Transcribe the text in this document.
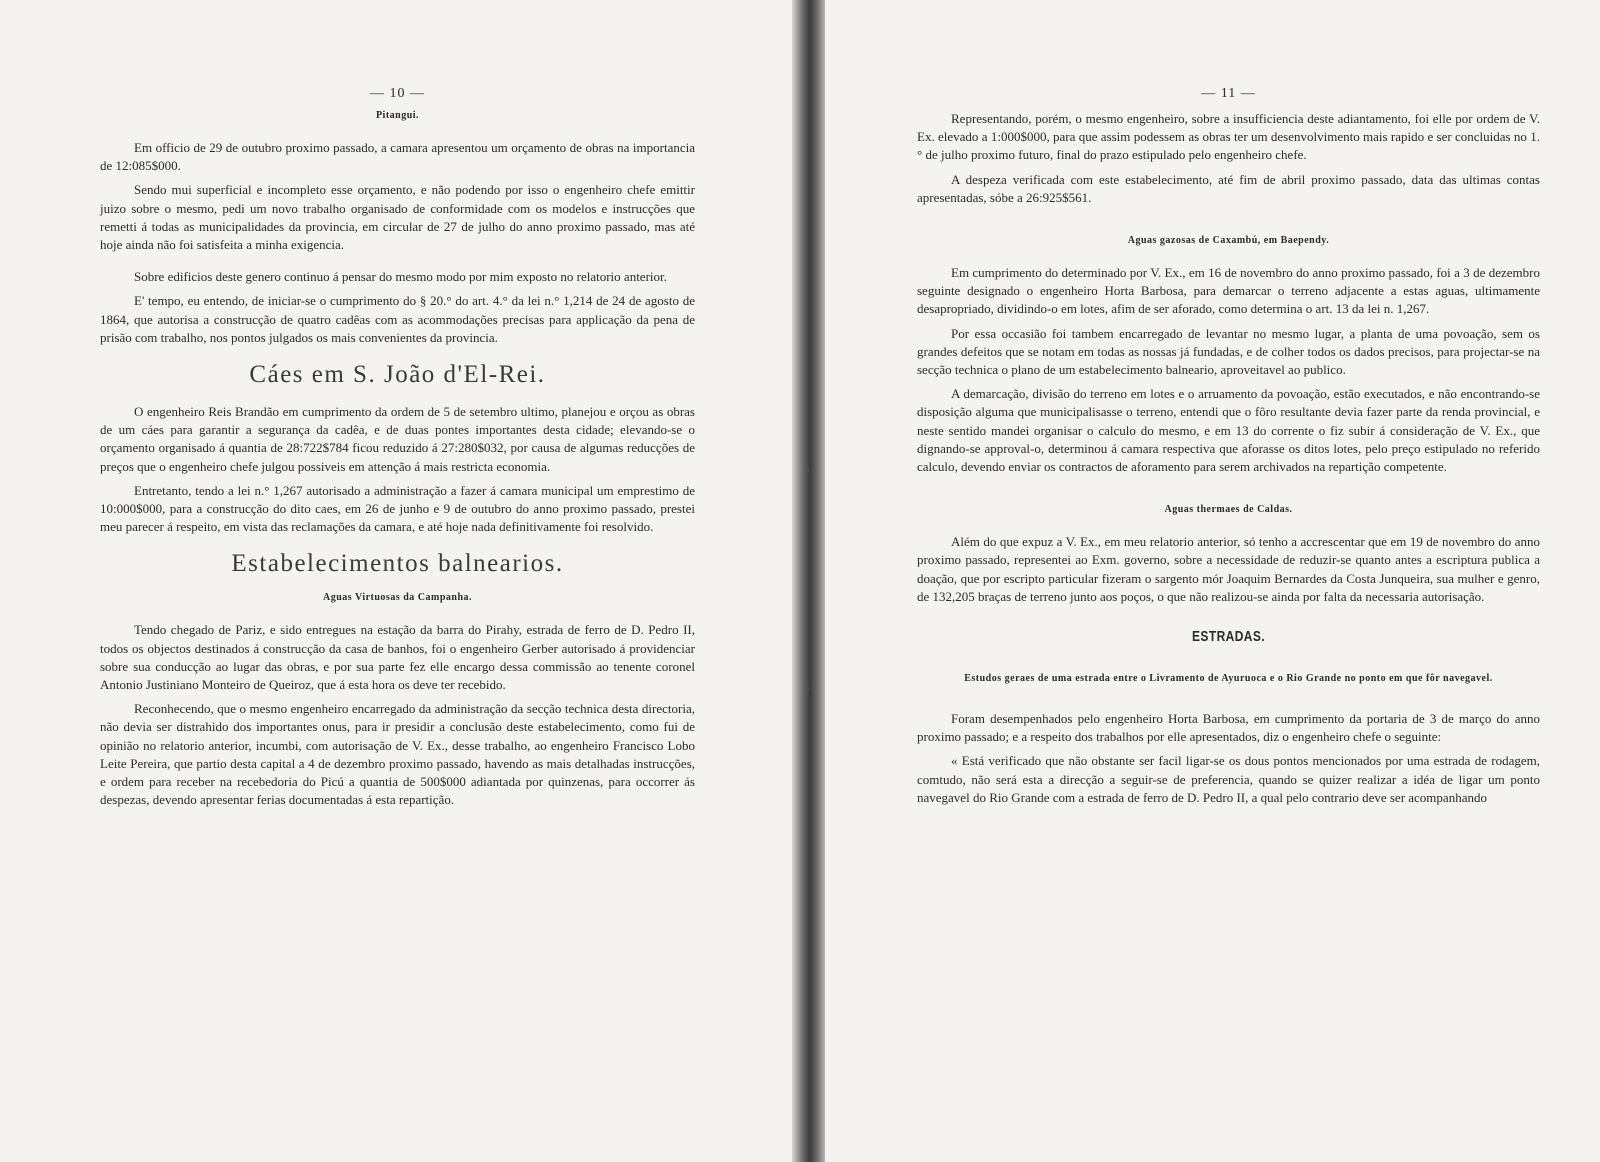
— 10 —
Pitangui.

Em officio de 29 de outubro proximo passado, a camara apresentou um orçamento de obras na importancia de 12:085$000.

Sendo mui superficial e incompleto esse orçamento, e não podendo por isso o engenheiro chefe emittir juizo sobre o mesmo, pedi um novo trabalho organisado de conformidade com os modelos e instrucções que remetti á todas as municipalidades da provincia, em circular de 27 de julho do anno proximo passado, mas até hoje ainda não foi satisfeita a minha exigencia.

Sobre edificios deste genero continuo á pensar do mesmo modo por mim exposto no relatorio anterior.

E' tempo, eu entendo, de iniciar-se o cumprimento do § 20.° do art. 4.° da lei n.° 1,214 de 24 de agosto de 1864, que autorisa a construcção de quatro cadêas com as acommodações precisas para applicação da pena de prisão com trabalho, nos pontos julgados os mais convenientes da provincia.

Cáes em S. João d'El-Rei.

O engenheiro Reis Brandão em cumprimento da ordem de 5 de setembro ultimo, planejou e orçou as obras de um cáes para garantir a segurança da cadêa, e de duas pontes importantes desta cidade; elevando-se o orçamento organisado á quantia de 28:722$784 ficou reduzido á 27:280$032, por causa de algumas reducções de preços que o engenheiro chefe julgou possiveis em attenção á mais restricta economia.

Entretanto, tendo a lei n.° 1,267 autorisado a administração a fazer á camara municipal um emprestimo de 10:000$000, para a construcção do dito caes, em 26 de junho e 9 de outubro do anno proximo passado, prestei meu parecer á respeito, em vista das reclamações da camara, e até hoje nada definitivamente foi resolvido.

Estabelecimentos balnearios.
Aguas Virtuosas da Campanha.

Tendo chegado de Pariz, e sido entregues na estação da barra do Pirahy, estrada de ferro de D. Pedro II, todos os objectos destinados á construcção da casa de banhos, foi o engenheiro Gerber autorisado á providenciar sobre sua conducção ao lugar das obras, e por sua parte fez elle encargo dessa commissão ao tenente coronel Antonio Justiniano Monteiro de Queiroz, que á esta hora os deve ter recebido.

Reconhecendo, que o mesmo engenheiro encarregado da administração da secção technica desta directoria, não devia ser distrahido dos importantes onus, para ir presidir a conclusão deste estabelecimento, como fui de opinião no relatorio anterior, incumbi, com autorisação de V. Ex., desse trabalho, ao engenheiro Francisco Lobo Leite Pereira, que partio desta capital a 4 de dezembro proximo passado, havendo as mais detalhadas instrucções, e ordem para receber na recebedoria do Picú a quantia de 500$000 adiantada por quinzenas, para occorrer ás despezas, devendo apresentar ferias documentadas á esta repartição.

›
›
— 11 —

Representando, porém, o mesmo engenheiro, sobre a insufficiencia deste adiantamento, foi elle por ordem de V. Ex. elevado a 1:000$000, para que assim podessem as obras ter um desenvolvimento mais rapido e ser concluidas no 1.° de julho proximo futuro, final do prazo estipulado pelo engenheiro chefe.

A despeza verificada com este estabelecimento, até fim de abril proximo passado, data das ultimas contas apresentadas, sóbe a 26:925$561.

Aguas gazosas de Caxambú, em Baependy.

Em cumprimento do determinado por V. Ex., em 16 de novembro do anno proximo passado, foi a 3 de dezembro seguinte designado o engenheiro Horta Barbosa, para demarcar o terreno adjacente a estas aguas, ultimamente desapropriado, dividindo-o em lotes, afim de ser aforado, como determina o art. 13 da lei n. 1,267.

Por essa occasião foi tambem encarregado de levantar no mesmo lugar, a planta de uma povoação, sem os grandes defeitos que se notam em todas as nossas já fundadas, e de colher todos os dados precisos, para projectar-se na secção technica o plano de um estabelecimento balneario, aproveitavel ao publico.

A demarcação, divisão do terreno em lotes e o arruamento da povoação, estão executados, e não encontrando-se disposição alguma que municipalisasse o terreno, entendi que o fôro resultante devia fazer parte da renda provincial, e neste sentido mandei organisar o calculo do mesmo, e em 13 do corrente o fiz subir á consideração de V. Ex., que dignando-se approval-o, determinou á camara respectiva que aforasse os ditos lotes, pelo preço estipulado no referido calculo, devendo enviar os contractos de aforamento para serem archivados na repartição competente.

Aguas thermaes de Caldas.

Além do que expuz a V. Ex., em meu relatorio anterior, só tenho a accrescentar que em 19 de novembro do anno proximo passado, representei ao Exm. governo, sobre a necessidade de reduzir-se quanto antes a escriptura publica a doação, que por escripto particular fizeram o sargento mór Joaquim Bernardes da Costa Junqueira, sua mulher e genro, de 132,205 braças de terreno junto aos poços, o que não realizou-se ainda por falta da necessaria autorisação.

ESTRADAS.
Estudos geraes de uma estrada entre o Livramento de Ayuruoca e o Rio Grande no ponto em que fôr navegavel.

Foram desempenhados pelo engenheiro Horta Barbosa, em cumprimento da portaria de 3 de março do anno proximo passado; e a respeito dos trabalhos por elle apresentados, diz o engenheiro chefe o seguinte:

« Está verificado que não obstante ser facil ligar-se os dous pontos mencionados por uma estrada de rodagem, comtudo, não será esta a direcção a seguir-se de preferencia, quando se quizer realizar a idéa de ligar um ponto navegavel do Rio Grande com a estrada de ferro de D. Pedro II, a qual pelo contrario deve ser acompanhando
